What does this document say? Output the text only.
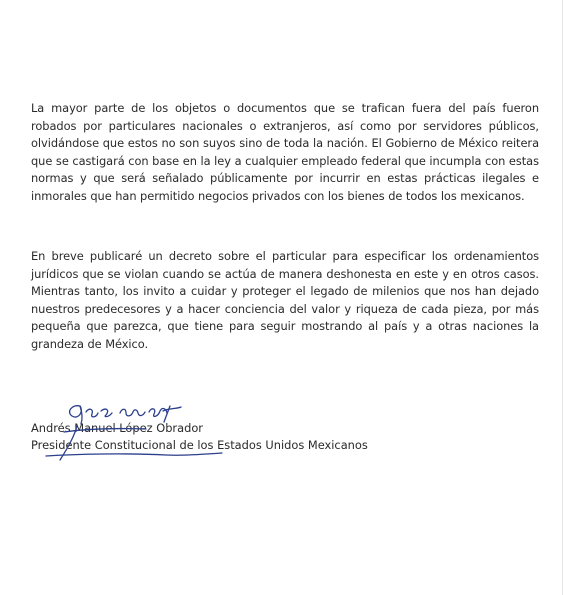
La mayor parte de los objetos o documentos que se trafican fuera del país fueron robados por particulares nacionales o extranjeros, así como por servidores públicos, olvidándose que estos no son suyos sino de toda la nación. El Gobierno de México reitera que se castigará con base en la ley a cualquier empleado federal que incumpla con estas normas y que será señalado públicamente por incurrir en estas prácticas ilegales e inmorales que han permitido negocios privados con los bienes de todos los mexicanos.

En breve publicaré un decreto sobre el particular para especificar los ordenamientos jurídicos que se violan cuando se actúa de manera deshonesta en este y en otros casos. Mientras tanto, los invito a cuidar y proteger el legado de milenios que nos han dejado nuestros predecesores y a hacer conciencia del valor y riqueza de cada pieza, por más pequeña que parezca, que tiene para seguir mostrando al país y a otras naciones la grandeza de México.

Andrés Manuel López Obrador

Presidente Constitucional de los Estados Unidos Mexicanos
